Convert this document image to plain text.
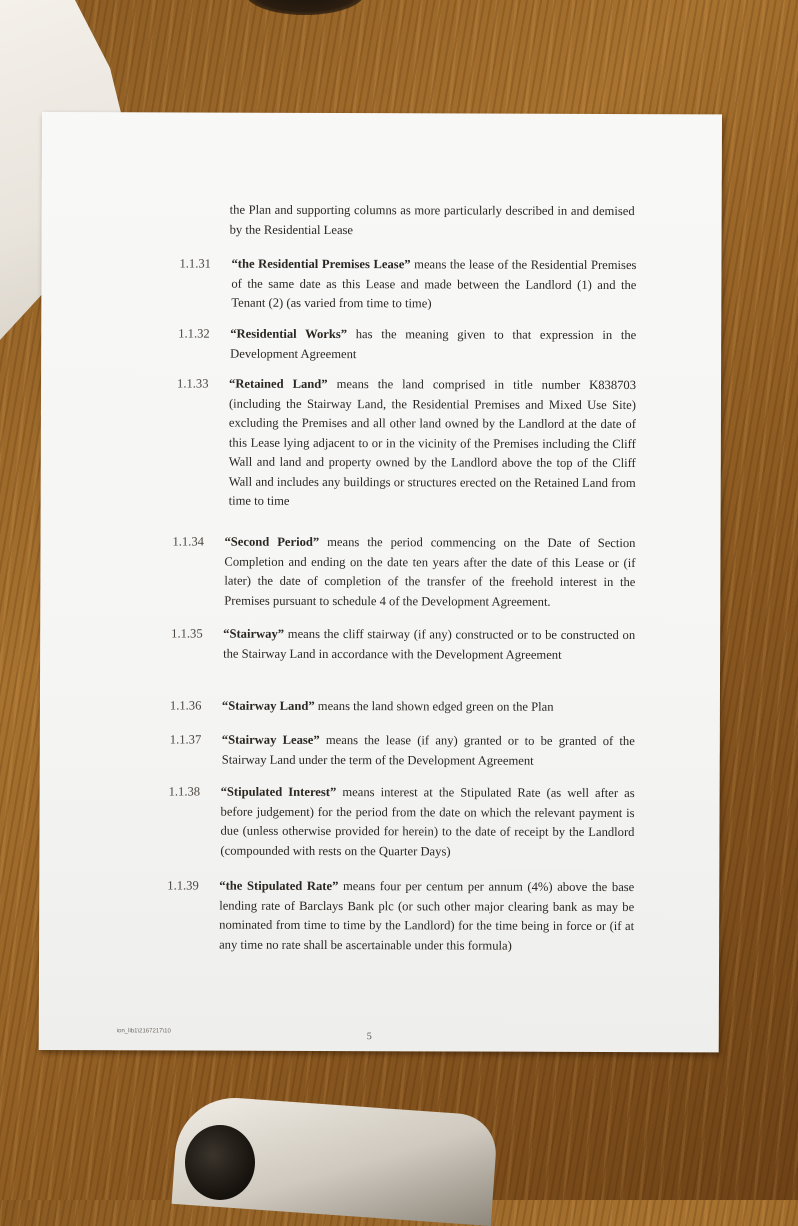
the Plan and supporting columns as more particularly described in and demised by the Residential Lease
1.1.31	“the Residential Premises Lease” means the lease of the Residential Premises of the same date as this Lease and made between the Landlord (1) and the Tenant (2) (as varied from time to time)
1.1.32	“Residential Works” has the meaning given to that expression in the Development Agreement
1.1.33	“Retained Land” means the land comprised in title number K838703 (including the Stairway Land, the Residential Premises and Mixed Use Site) excluding the Premises and all other land owned by the Landlord at the date of this Lease lying adjacent to or in the vicinity of the Premises including the Cliff Wall and land and property owned by the Landlord above the top of the Cliff Wall and includes any buildings or structures erected on the Retained Land from time to time
1.1.34	“Second Period” means the period commencing on the Date of Section Completion and ending on the date ten years after the date of this Lease or (if later) the date of completion of the transfer of the freehold interest in the Premises pursuant to schedule 4 of the Development Agreement.
1.1.35	“Stairway” means the cliff stairway (if any) constructed or to be constructed on the Stairway Land in accordance with the Development Agreement
1.1.36	“Stairway Land” means the land shown edged green on the Plan
1.1.37	“Stairway Lease” means the lease (if any) granted or to be granted of the Stairway Land under the term of the Development Agreement
1.1.38	“Stipulated Interest” means interest at the Stipulated Rate (as well after as before judgement) for the period from the date on which the relevant payment is due (unless otherwise provided for herein) to the date of receipt by the Landlord (compounded with rests on the Quarter Days)
1.1.39	“the Stipulated Rate” means four per centum per annum (4%) above the base lending rate of Barclays Bank plc (or such other major clearing bank as may be nominated from time to time by the Landlord) for the time being in force or (if at any time no rate shall be ascertainable under this formula)
ion_lib1\2167217\10	5
